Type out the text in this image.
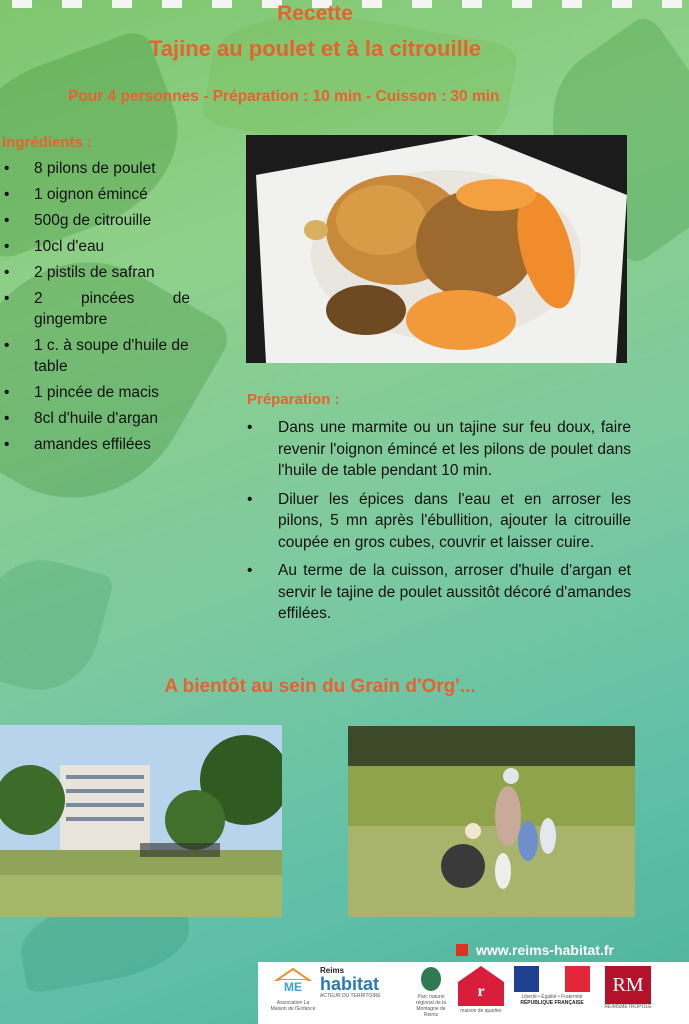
Recette
Tajine au poulet et à la citrouille
Pour 4 personnes - Préparation : 10 min - Cuisson : 30 min
Ingrédients :
• 8 pilons de poulet
• 1 oignon émincé
• 500g de citrouille
• 10cl d'eau
• 2 pistils de safran
• 2 pincées de gingembre
• 1 c. à soupe d'huile de table
• 1 pincée de macis
• 8cl d'huile d'argan
• amandes effilées
Préparation :
• Dans une marmite ou un tajine sur feu doux, faire revenir l'oignon émincé et les pilons de poulet dans l'huile de table pendant 10 min.
• Diluer les épices dans l'eau et en arroser les pilons, 5 mn après l'ébullition, ajouter la citrouille coupée en gros cubes, couvrir et laisser cuire.
• Au terme de la cuisson, arroser d'huile d'argan et servir le tajine de poulet aussitôt décoré d'amandes effilées.
A bientôt au sein du Grain d'Org'...
www.reims-habitat.fr
ME
Association La Maison de l'Enfance
Reims
habitat
ACTEUR DU TERRITOIRE	Parc naturel régional de la Montagne de Reims
r
maison de quartier
Liberté • Égalité • Fraternité
RÉPUBLIQUE FRANÇAISE
RM
REIMSMÉTROPOLE
